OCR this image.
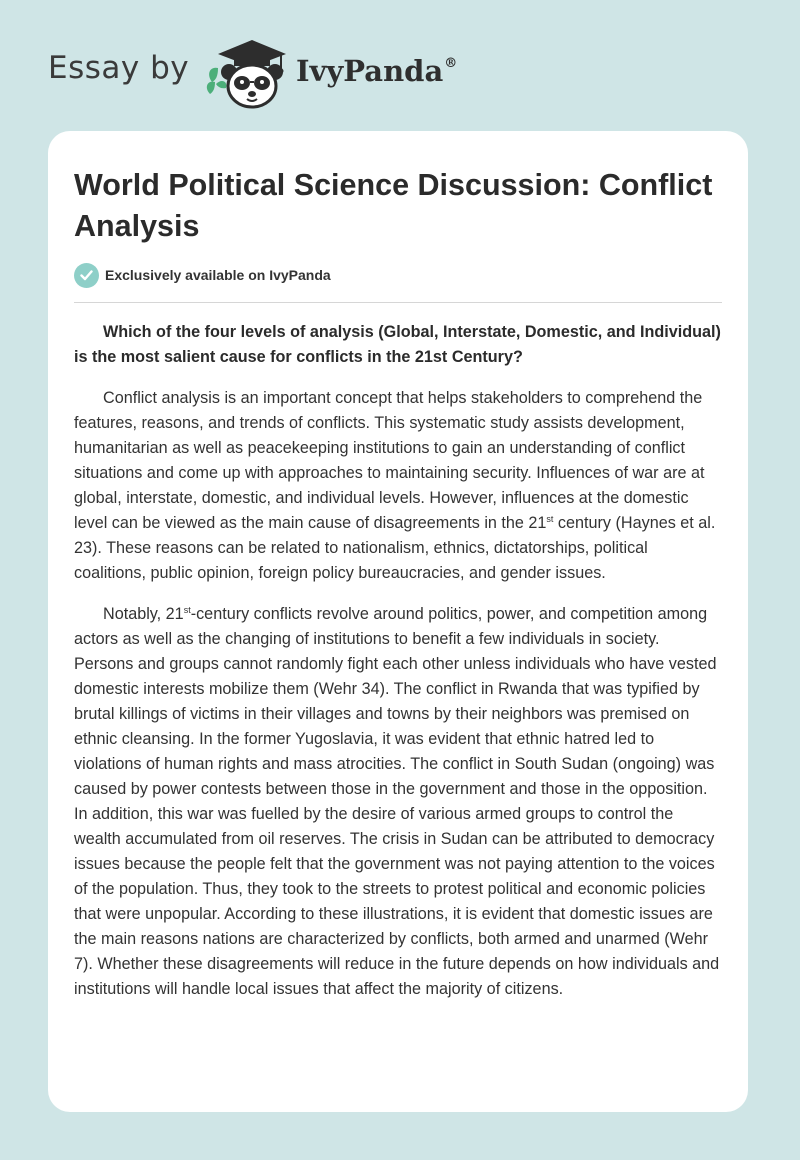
Essay by	IvyPanda®
World Political Science Discussion: Conflict Analysis
Exclusively available on IvyPanda

Which of the four levels of analysis (Global, Interstate, Domestic, and Individual) is the most salient cause for conflicts in the 21st Century?

Conflict analysis is an important concept that helps stakeholders to comprehend the features, reasons, and trends of conflicts. This systematic study assists development, humanitarian as well as peacekeeping institutions to gain an understanding of conflict situations and come up with approaches to maintaining security. Influences of war are at global, interstate, domestic, and individual levels. However, influences at the domestic level can be viewed as the main cause of disagreements in the 21st century (Haynes et al. 23). These reasons can be related to nationalism, ethnics, dictatorships, political coalitions, public opinion, foreign policy bureaucracies, and gender issues.

Notably, 21st-century conflicts revolve around politics, power, and competition among actors as well as the changing of institutions to benefit a few individuals in society. Persons and groups cannot randomly fight each other unless individuals who have vested domestic interests mobilize them (Wehr 34). The conflict in Rwanda that was typified by brutal killings of victims in their villages and towns by their neighbors was premised on ethnic cleansing. In the former Yugoslavia, it was evident that ethnic hatred led to violations of human rights and mass atrocities. The conflict in South Sudan (ongoing) was caused by power contests between those in the government and those in the opposition. In addition, this war was fuelled by the desire of various armed groups to control the wealth accumulated from oil reserves. The crisis in Sudan can be attributed to democracy issues because the people felt that the government was not paying attention to the voices of the population. Thus, they took to the streets to protest political and economic policies that were unpopular. According to these illustrations, it is evident that domestic issues are the main reasons nations are characterized by conflicts, both armed and unarmed (Wehr 7). Whether these disagreements will reduce in the future depends on how individuals and institutions will handle local issues that affect the majority of citizens.
